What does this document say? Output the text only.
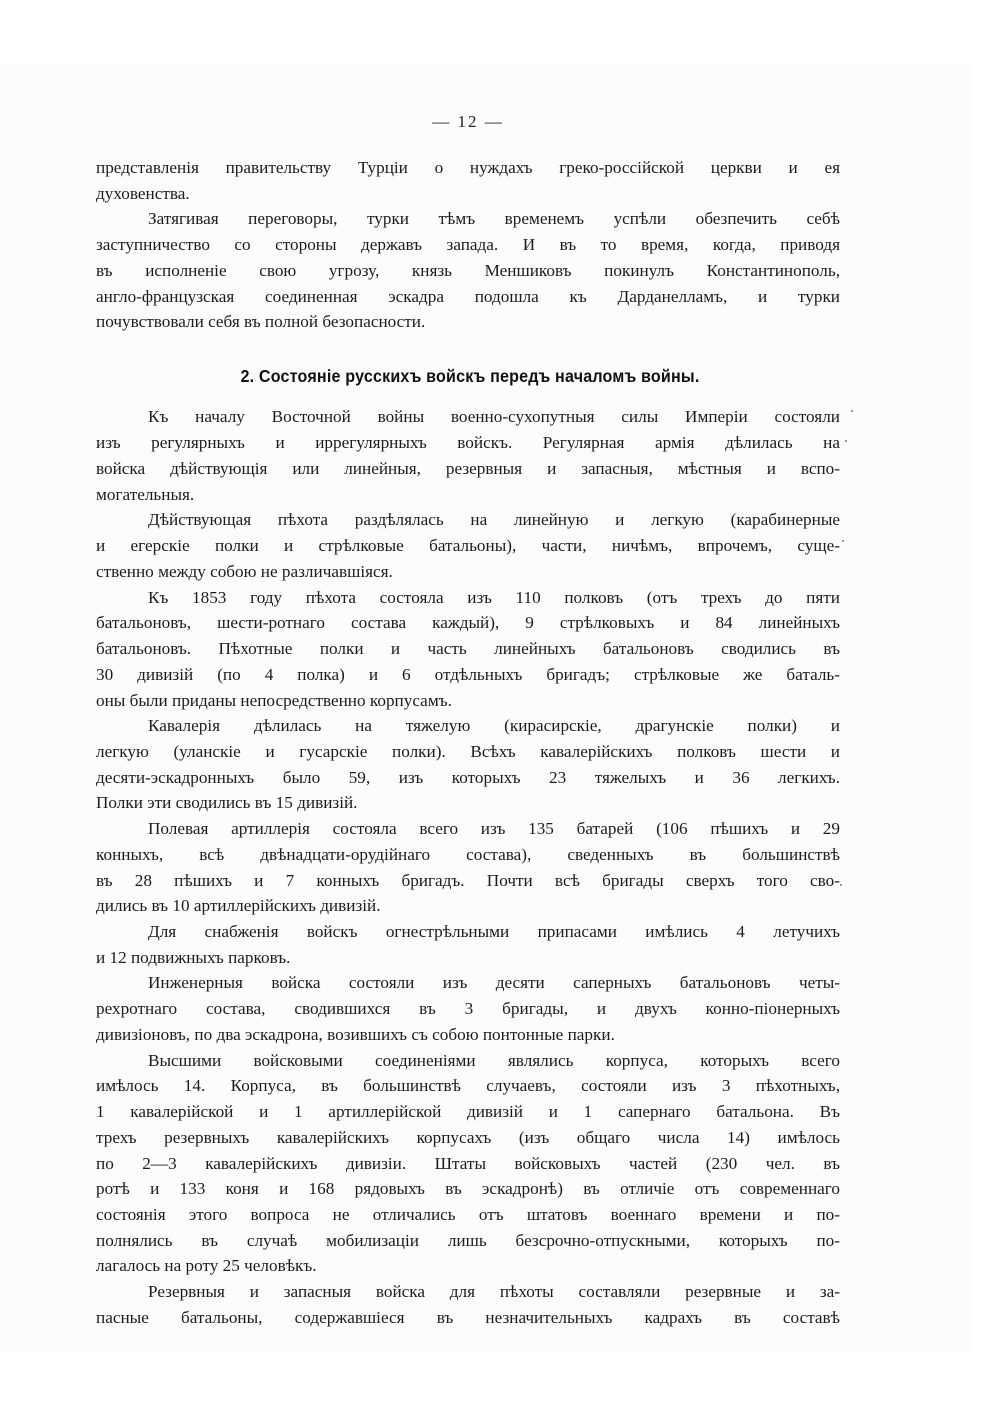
— 12 —
представленія правительству Турціи о нуждахъ греко-россійской церкви и ея
духовенства.
Затягивая переговоры, турки тѣмъ временемъ успѣли обезпечить себѣ
заступничество со стороны державъ запада. И въ то время, когда, приводя
въ исполненіе свою угрозу, князь Меншиковъ покинулъ Константинополь,
англо-французская соединенная эскадра подошла къ Дарданелламъ, и турки
почувствовали себя въ полной безопасности.
2. Состояніе русскихъ войскъ передъ началомъ войны.
Къ началу Восточной войны военно-сухопутныя силы Имперіи состояли
изъ регулярныхъ и иррегулярныхъ войскъ. Регулярная армія дѣлилась на
войска дѣйствующія или линейныя, резервныя и запасныя, мѣстныя и вспо-
могательныя.
Дѣйствующая пѣхота раздѣлялась на линейную и легкую (карабинерные
и егерскіе полки и стрѣлковые батальоны), части, ничѣмъ, впрочемъ, суще-
ственно между собою не различавшіяся.
Къ 1853 году пѣхота состояла изъ 110 полковъ (отъ трехъ до пяти
батальоновъ, шести-ротнаго состава каждый), 9 стрѣлковыхъ и 84 линейныхъ
батальоновъ. Пѣхотные полки и часть линейныхъ батальоновъ сводились въ
30 дивизій (по 4 полка) и 6 отдѣльныхъ бригадъ; стрѣлковые же баталь-
оны были приданы непосредственно корпусамъ.
Кавалерія дѣлилась на тяжелую (кирасирскіе, драгунскіе полки) и
легкую (уланскіе и гусарскіе полки). Всѣхъ кавалерійскихъ полковъ шести и
десяти-эскадронныхъ было 59, изъ которыхъ 23 тяжелыхъ и 36 легкихъ.
Полки эти сводились въ 15 дивизій.
Полевая артиллерія состояла всего изъ 135 батарей (106 пѣшихъ и 29
конныхъ, всѣ двѣнадцати-орудійнаго состава), сведенныхъ въ большинствѣ
въ 28 пѣшихъ и 7 конныхъ бригадъ. Почти всѣ бригады сверхъ того сво-
дились въ 10 артиллерійскихъ дивизій.
Для снабженія войскъ огнестрѣльными припасами имѣлись 4 летучихъ
и 12 подвижныхъ парковъ.
Инженерныя войска состояли изъ десяти саперныхъ батальоновъ четы-
рехротнаго состава, сводившихся въ 3 бригады, и двухъ конно-піонерныхъ
дивизіоновъ, по два эскадрона, возившихъ съ собою понтонные парки.
Высшими войсковыми соединеніями являлись корпуса, которыхъ всего
имѣлось 14. Корпуса, въ большинствѣ случаевъ, состояли изъ 3 пѣхотныхъ,
1 кавалерійской и 1 артиллерійской дивизій и 1 сапернаго батальона. Въ
трехъ резервныхъ кавалерійскихъ корпусахъ (изъ общаго числа 14) имѣлось
по 2—3 кавалерійскихъ дивизіи. Штаты войсковыхъ частей (230 чел. въ
ротѣ и 133 коня и 168 рядовыхъ въ эскадронѣ) въ отличіе отъ современнаго
состоянія этого вопроса не отличались отъ штатовъ военнаго времени и по-
полнялись въ случаѣ мобилизаціи лишь безсрочно-отпускными, которыхъ по-
лагалось на роту 25 человѣкъ.
Резервныя и запасныя войска для пѣхоты составляли резервные и за-
пасные батальоны, содержавшіеся въ незначительныхъ кадрахъ въ составѣ
